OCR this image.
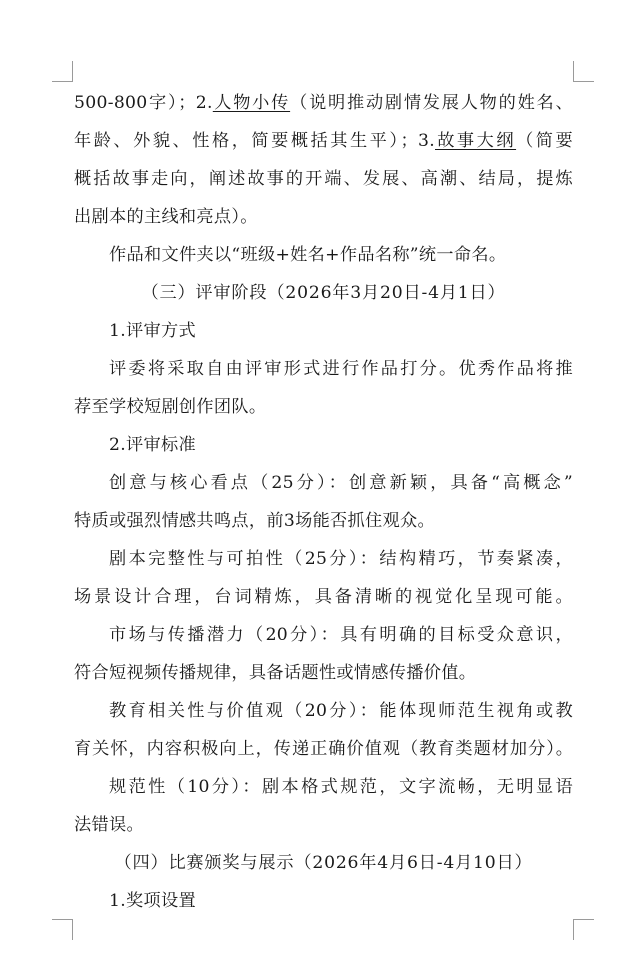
500-800字）；2.人物小传（说明推动剧情发展人物的姓名、
年龄、外貌、性格，简要概括其生平）；3.故事大纲（简要
概括故事走向，阐述故事的开端、发展、高潮、结局，提炼
出剧本的主线和亮点）。
作品和文件夹以“班级+姓名+作品名称”统一命名。
（三）评审阶段（2026年3月20日-4月1日）
1.评审方式
评委将采取自由评审形式进行作品打分。优秀作品将推
荐至学校短剧创作团队。
2.评审标准
创意与核心看点（25分）：创意新颖，具备“高概念”
特质或强烈情感共鸣点，前3场能否抓住观众。
剧本完整性与可拍性（25分）：结构精巧，节奏紧凑，
场景设计合理，台词精炼，具备清晰的视觉化呈现可能。
市场与传播潜力（20分）：具有明确的目标受众意识，
符合短视频传播规律，具备话题性或情感传播价值。
教育相关性与价值观（20分）：能体现师范生视角或教
育关怀，内容积极向上，传递正确价值观（教育类题材加分）。
规范性（10分）：剧本格式规范，文字流畅，无明显语
法错误。
（四）比赛颁奖与展示（2026年4月6日-4月10日）
1.奖项设置
